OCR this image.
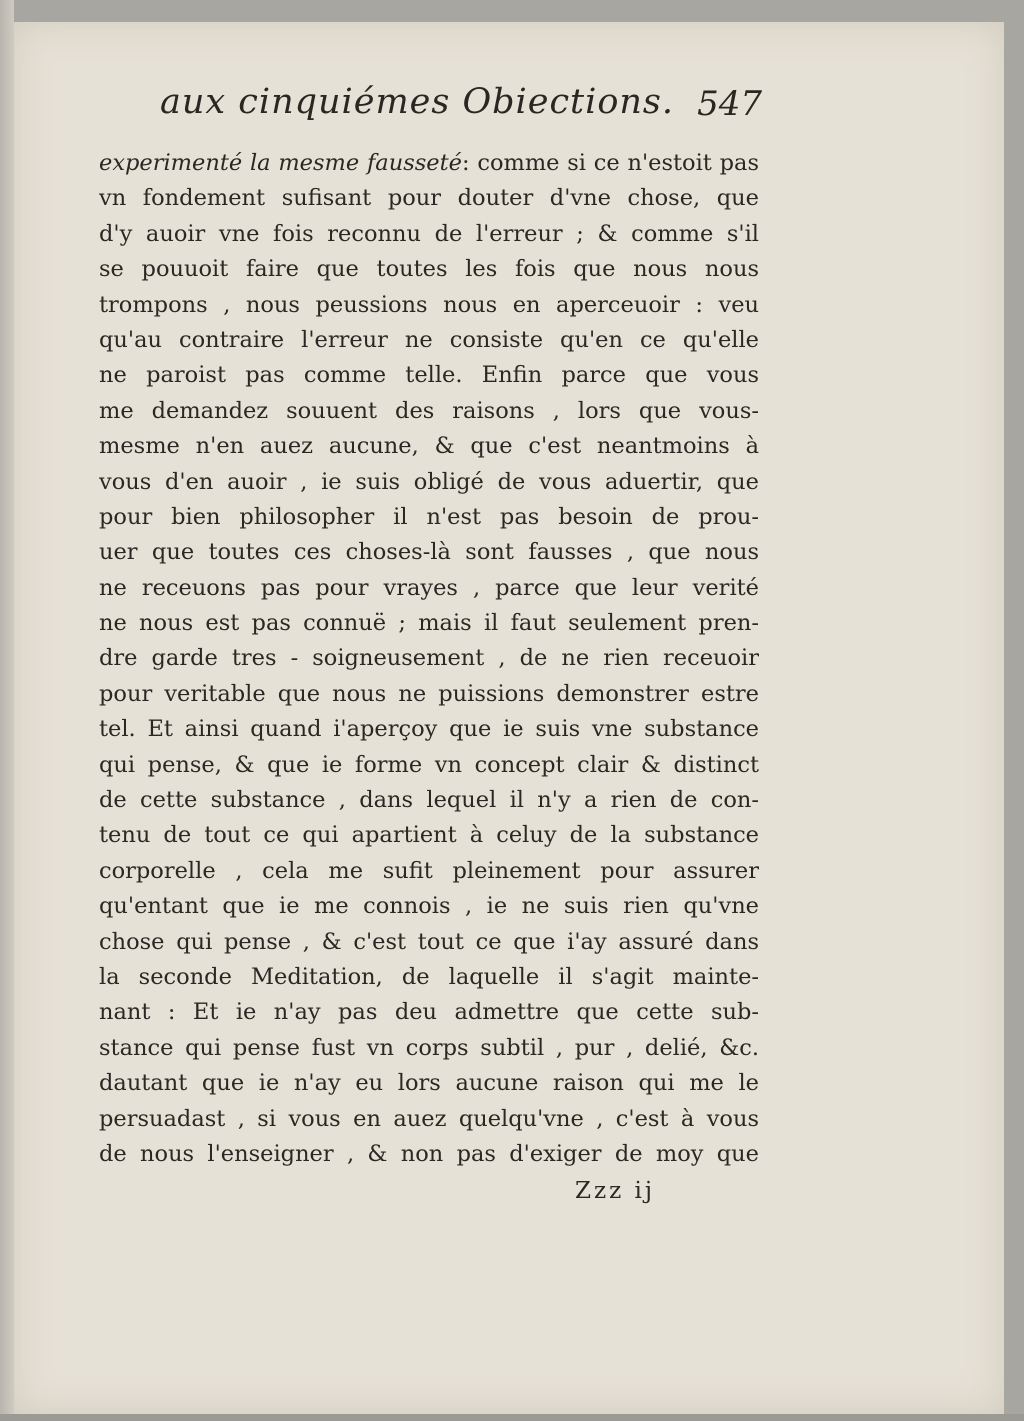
aux cinquiémes Obiections. 547
experimenté la mesme fausseté: comme si ce n'estoit pas
vn fondement sufisant pour douter d'vne chose, que
d'y auoir vne fois reconnu de l'erreur ; & comme s'il
se pouuoit faire que toutes les fois que nous nous
trompons , nous peussions nous en aperceuoir : veu
qu'au contraire l'erreur ne consiste qu'en ce qu'elle
ne paroist pas comme telle. Enfin parce que vous
me demandez souuent des raisons , lors que vous-
mesme n'en auez aucune, & que c'est neantmoins à
vous d'en auoir , ie suis obligé de vous aduertir, que
pour bien philosopher il n'est pas besoin de prou-
uer que toutes ces choses-là sont fausses , que nous
ne receuons pas pour vrayes , parce que leur verité
ne nous est pas connuë ; mais il faut seulement pren-
dre garde tres - soigneusement , de ne rien receuoir
pour veritable que nous ne puissions demonstrer estre
tel. Et ainsi quand i'aperçoy que ie suis vne substance
qui pense, & que ie forme vn concept clair & distinct
de cette substance , dans lequel il n'y a rien de con-
tenu de tout ce qui apartient à celuy de la substance
corporelle , cela me sufit pleinement pour assurer
qu'entant que ie me connois , ie ne suis rien qu'vne
chose qui pense , & c'est tout ce que i'ay assuré dans
la seconde Meditation, de laquelle il s'agit mainte-
nant : Et ie n'ay pas deu admettre que cette sub-
stance qui pense fust vn corps subtil , pur , delié, &c.
dautant que ie n'ay eu lors aucune raison qui me le
persuadast , si vous en auez quelqu'vne , c'est à vous
de nous l'enseigner , & non pas d'exiger de moy que
Zzz ij
